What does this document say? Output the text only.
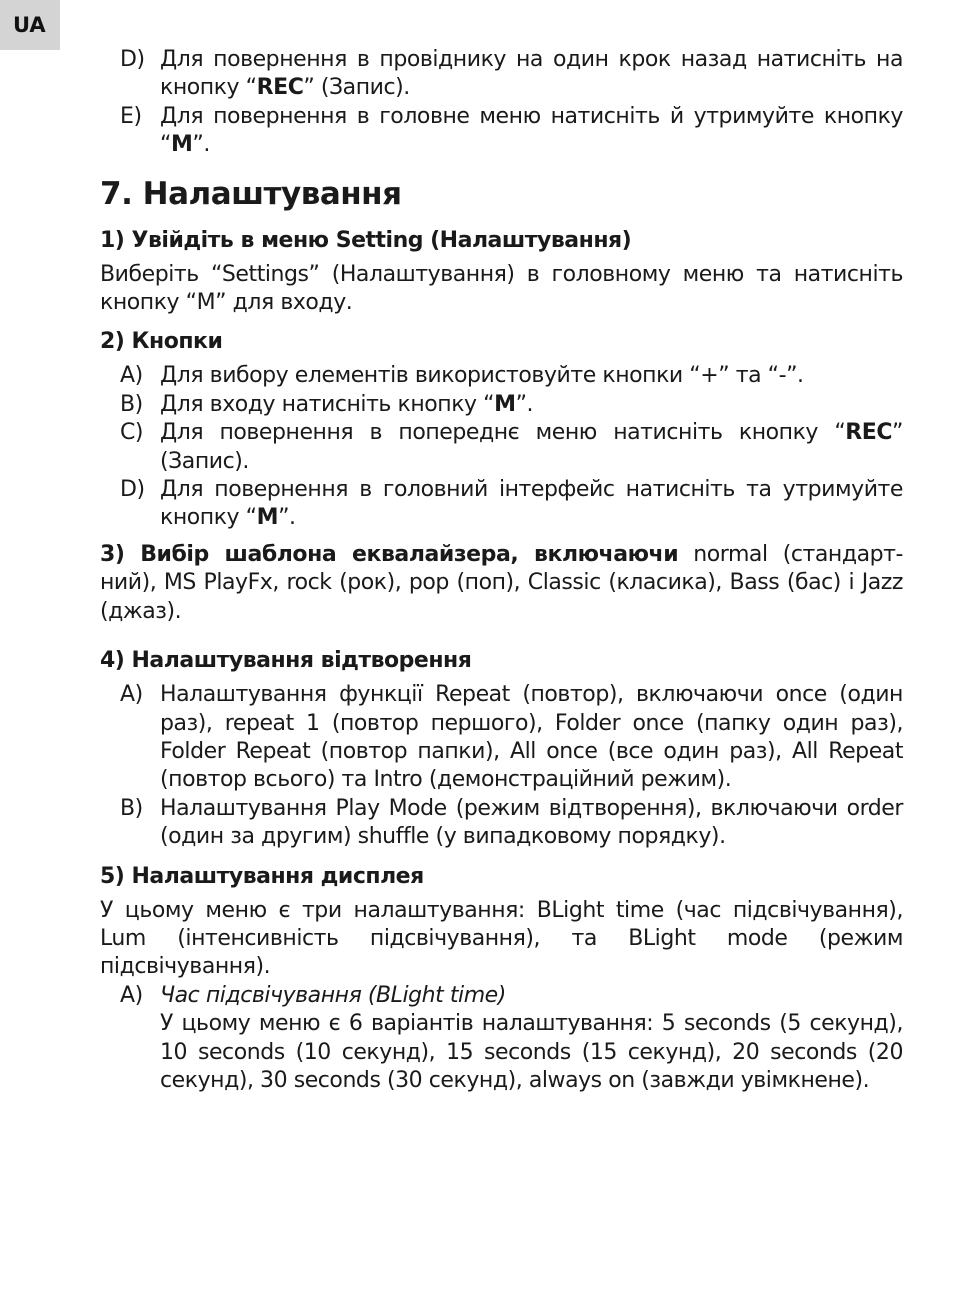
UA
D) Для повернення в провіднику на один крок назад натисніть на кнопку “REC” (Запис).
E) Для повернення в головне меню натисніть й утримуйте кнопку “M”.
7. Налаштування
1) Увійдіть в меню Setting (Налаштування)

Виберіть “Settings” (Налаштування) в головному меню та натисніть кнопку “M” для входу.

2) Кнопки
A) Для вибору елементів використовуйте кнопки “+” та “-”.
B) Для входу натисніть кнопку “M”.
C) Для повернення в попереднє меню натисніть кнопку “REC” (Запис).
D) Для повернення в головний інтерфейс натисніть та утримуйте кнопку “M”.

3) Вибір шаблона еквалайзера, включаючи normal (стандарт-ний), MS PlayFx, rock (рок), pop (поп), Classic (класика), Bass (бас) і Jazz (джаз).

4) Налаштування відтворення
A) Налаштування функції Repeat (повтор), включаючи once (один раз), repeat 1 (повтор першого), Folder once (папку один раз), Folder Repeat (повтор папки), All once (все один раз), All Repeat (повтор всього) та Intro (демонстраційний режим).
B) Налаштування Play Mode (режим відтворення), включаючи order (один за другим) shuffle (у випадковому порядку).
5) Налаштування дисплея

У цьому меню є три налаштування: BLight time (час підсвічування), Lum (інтенсивність підсвічування), та BLight mode (режим підсвічування).

A) Час підсвічування (BLight time)
У цьому меню є 6 варіантів налаштування: 5 seconds (5 секунд), 10 seconds (10 секунд), 15 seconds (15 секунд), 20 seconds (20 секунд), 30 seconds (30 секунд), always on (завжди увімкнене).
